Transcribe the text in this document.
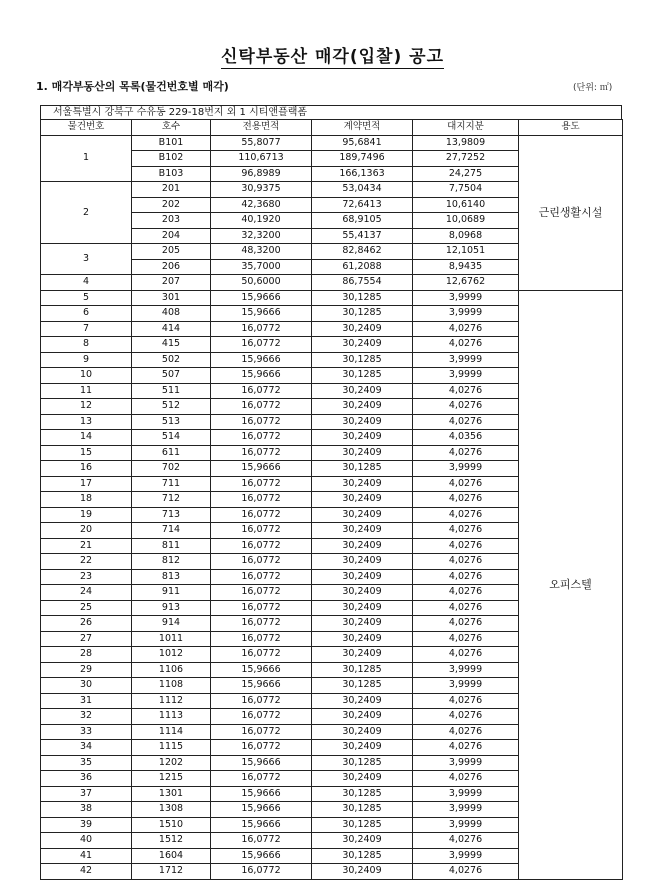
신탁부동산 매각(입찰) 공고
1. 매각부동산의 목록(물건번호별 매각)	(단위: ㎡)
서울특별시 강북구 수유동 229-18번지 외 1 시티앤플랙폼
물건번호	호수	전용면적	계약면적	대지지분	용도
1	B101	55,8077	95,6841	13,9809	근린생활시설
	B102	110,6713	189,7496	27,7252	
	B103	96,8989	166,1363	24,275	
2	201	30,9375	53,0434	7,7504	
	202	42,3680	72,6413	10,6140	
	203	40,1920	68,9105	10,0689	
	204	32,3200	55,4137	8,0968	
3	205	48,3200	82,8462	12,1051	
	206	35,7000	61,2088	8,9435	
4	207	50,6000	86,7554	12,6762	
5	301	15,9666	30,1285	3,9999	오피스텔
6	408	15,9666	30,1285	3,9999	
7	414	16,0772	30,2409	4,0276	
8	415	16,0772	30,2409	4,0276	
9	502	15,9666	30,1285	3,9999	
10	507	15,9666	30,1285	3,9999	
11	511	16,0772	30,2409	4,0276	
12	512	16,0772	30,2409	4,0276	
13	513	16,0772	30,2409	4,0276	
14	514	16,0772	30,2409	4,0356	
15	611	16,0772	30,2409	4,0276	
16	702	15,9666	30,1285	3,9999	
17	711	16,0772	30,2409	4,0276	
18	712	16,0772	30,2409	4,0276	
19	713	16,0772	30,2409	4,0276	
20	714	16,0772	30,2409	4,0276	
21	811	16,0772	30,2409	4,0276	
22	812	16,0772	30,2409	4,0276	
23	813	16,0772	30,2409	4,0276	
24	911	16,0772	30,2409	4,0276	
25	913	16,0772	30,2409	4,0276	
26	914	16,0772	30,2409	4,0276	
27	1011	16,0772	30,2409	4,0276	
28	1012	16,0772	30,2409	4,0276	
29	1106	15,9666	30,1285	3,9999	
30	1108	15,9666	30,1285	3,9999	
31	1112	16,0772	30,2409	4,0276	
32	1113	16,0772	30,2409	4,0276	
33	1114	16,0772	30,2409	4,0276	
34	1115	16,0772	30,2409	4,0276	
35	1202	15,9666	30,1285	3,9999	
36	1215	16,0772	30,2409	4,0276	
37	1301	15,9666	30,1285	3,9999	
38	1308	15,9666	30,1285	3,9999	
39	1510	15,9666	30,1285	3,9999	
40	1512	16,0772	30,2409	4,0276	
41	1604	15,9666	30,1285	3,9999	
42	1712	16,0772	30,2409	4,0276	
